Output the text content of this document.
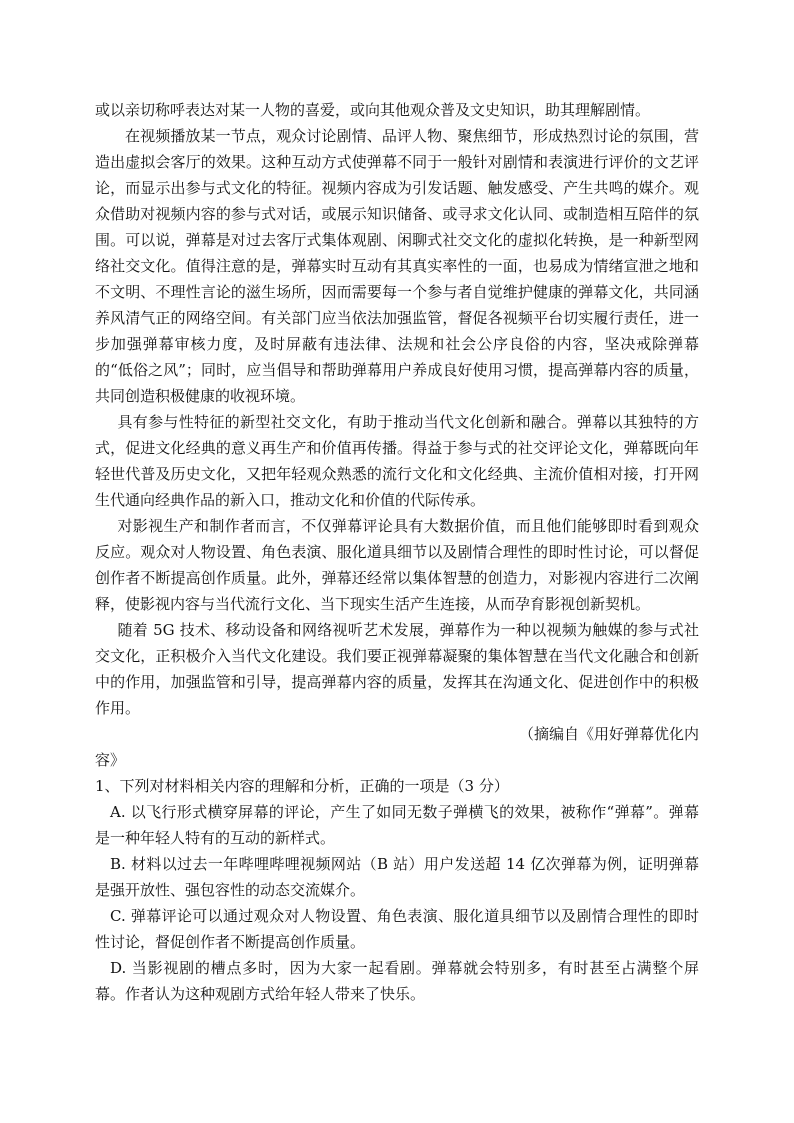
或以亲切称呼表达对某一人物的喜爱，或向其他观众普及文史知识，助其理解剧情。

在视频播放某一节点，观众讨论剧情、品评人物、聚焦细节，形成热烈讨论的氛围，营造出虚拟会客厅的效果。这种互动方式使弹幕不同于一般针对剧情和表演进行评价的文艺评论，而显示出参与式文化的特征。视频内容成为引发话题、触发感受、产生共鸣的媒介。观众借助对视频内容的参与式对话，或展示知识储备、或寻求文化认同、或制造相互陪伴的氛围。可以说，弹幕是对过去客厅式集体观剧、闲聊式社交文化的虚拟化转换，是一种新型网络社交文化。值得注意的是，弹幕实时互动有其真实率性的一面，也易成为情绪宣泄之地和不文明、不理性言论的滋生场所，因而需要每一个参与者自觉维护健康的弹幕文化，共同涵养风清气正的网络空间。有关部门应当依法加强监管，督促各视频平台切实履行责任，进一步加强弹幕审核力度，及时屏蔽有违法律、法规和社会公序良俗的内容，坚决戒除弹幕的“低俗之风”；同时，应当倡导和帮助弹幕用户养成良好使用习惯，提高弹幕内容的质量，共同创造积极健康的收视环境。

具有参与性特征的新型社交文化，有助于推动当代文化创新和融合。弹幕以其独特的方式，促进文化经典的意义再生产和价值再传播。得益于参与式的社交评论文化，弹幕既向年轻世代普及历史文化，又把年轻观众熟悉的流行文化和文化经典、主流价值相对接，打开网生代通向经典作品的新入口，推动文化和价值的代际传承。

对影视生产和制作者而言，不仅弹幕评论具有大数据价值，而且他们能够即时看到观众反应。观众对人物设置、角色表演、服化道具细节以及剧情合理性的即时性讨论，可以督促创作者不断提高创作质量。此外，弹幕还经常以集体智慧的创造力，对影视内容进行二次阐释，使影视内容与当代流行文化、当下现实生活产生连接，从而孕育影视创新契机。

随着 5G 技术、移动设备和网络视听艺术发展，弹幕作为一种以视频为触媒的参与式社交文化，正积极介入当代文化建设。我们要正视弹幕凝聚的集体智慧在当代文化融合和创新中的作用，加强监管和引导，提高弹幕内容的质量，发挥其在沟通文化、促进创作中的积极作用。

（摘编自《用好弹幕优化内

容》

1、下列对材料相关内容的理解和分析，正确的一项是（3 分）

A. 以飞行形式横穿屏幕的评论，产生了如同无数子弹横飞的效果，被称作“弹幕”。弹幕是一种年轻人特有的互动的新样式。

B. 材料以过去一年哔哩哔哩视频网站（B 站）用户发送超 14 亿次弹幕为例，证明弹幕是强开放性、强包容性的动态交流媒介。

C. 弹幕评论可以通过观众对人物设置、角色表演、服化道具细节以及剧情合理性的即时性讨论，督促创作者不断提高创作质量。

D. 当影视剧的槽点多时，因为大家一起看剧。弹幕就会特别多，有时甚至占满整个屏幕。作者认为这种观剧方式给年轻人带来了快乐。
